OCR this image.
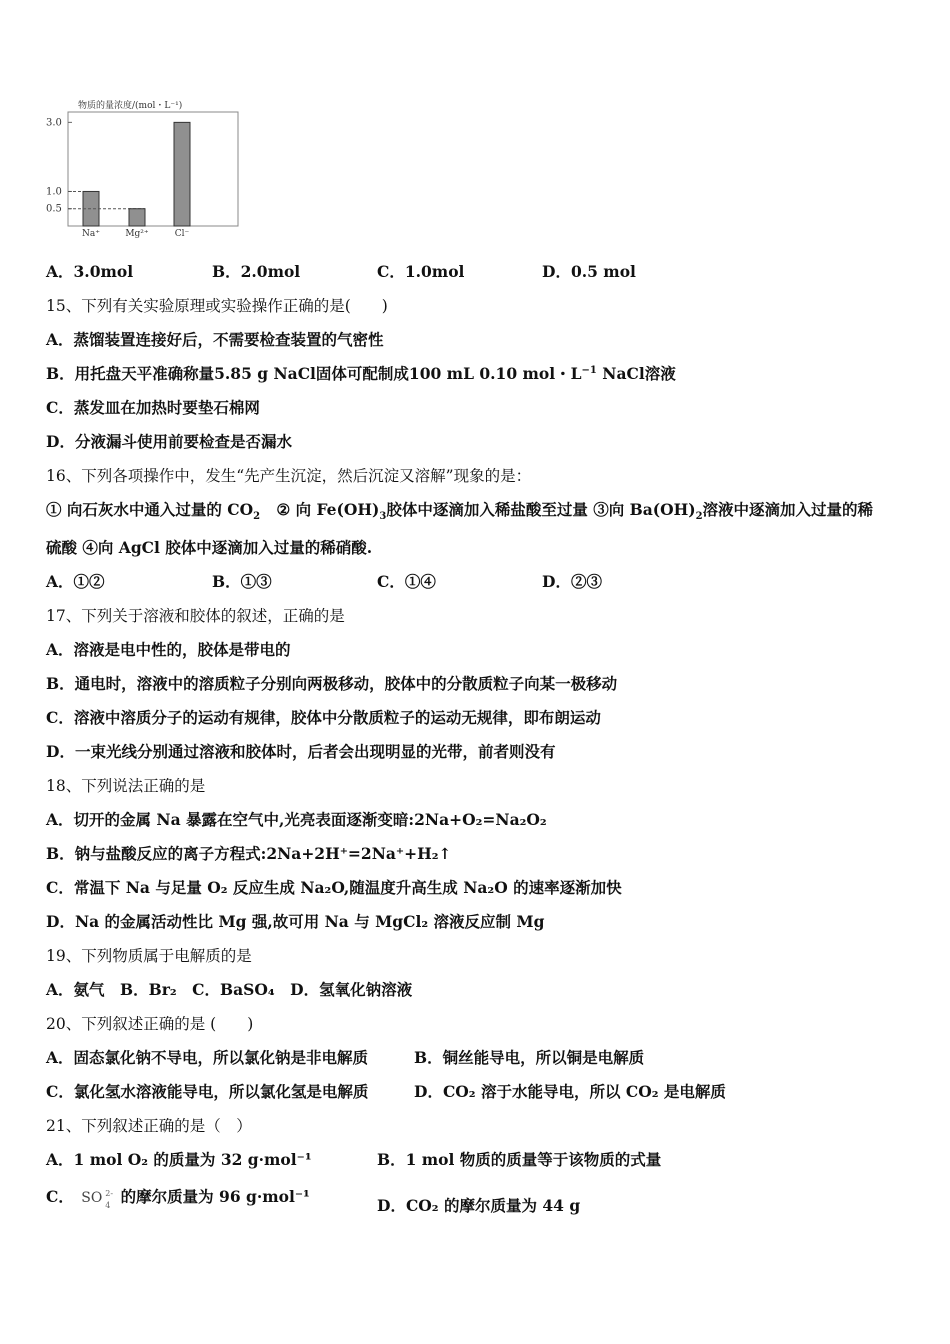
物质的量浓度/(mol・L⁻¹)
3.0
1.0
0.5
Na⁺	Mg²⁺	Cl⁻
A．3.0mol	B．2.0mol	C．1.0mol	D．0.5 mol
15、下列有关实验原理或实验操作正确的是(　　)
A．蒸馏装置连接好后，不需要检查装置的气密性
B．用托盘天平准确称量5.85 g NaCl固体可配制成100 mL 0.10 mol・$L^{-1}$ NaCl溶液
C．蒸发皿在加热时要垫石棉网
D．分液漏斗使用前要检查是否漏水
16、下列各项操作中，发生“先产生沉淀，然后沉淀又溶解”现象的是：
① 向石灰水中通入过量的 $CO_2$ ② 向 $Fe(OH)_3$胶体中逐滴加入稀盐酸至过量 ③向 $Ba(OH)_2$溶液中逐滴加入过量的稀
硫酸 ④向 AgCl 胶体中逐滴加入过量的稀硝酸.
A．①②	B．①③	C．①④	D．②③
17、下列关于溶液和胶体的叙述，正确的是
A．溶液是电中性的，胶体是带电的
B．通电时，溶液中的溶质粒子分别向两极移动，胶体中的分散质粒子向某一极移动
C．溶液中溶质分子的运动有规律，胶体中分散质粒子的运动无规律，即布朗运动
D．一束光线分别通过溶液和胶体时，后者会出现明显的光带，前者则没有
18、下列说法正确的是
A．切开的金属 Na 暴露在空气中,光亮表面逐渐变暗:2Na+O₂=Na₂O₂
B．钠与盐酸反应的离子方程式:2Na+2H⁺=2Na⁺+H₂↑
C．常温下 Na 与足量 O₂ 反应生成 Na₂O,随温度升高生成 Na₂O 的速率逐渐加快
D．Na 的金属活动性比 Mg 强,故可用 Na 与 MgCl₂ 溶液反应制 Mg
19、下列物质属于电解质的是
A．氨气　B．Br₂　C．BaSO₄　D．氢氧化钠溶液
20、下列叙述正确的是 (　　)
A．固态氯化钠不导电，所以氯化钠是非电解质	B．铜丝能导电，所以铜是电解质
C．氯化氢水溶液能导电，所以氯化氢是电解质	D．CO₂ 溶于水能导电，所以 CO₂ 是电解质
21、下列叙述正确的是（　）
A．1 mol O₂ 的质量为 32 g·mol⁻¹	B．1 mol 物质的质量等于该物质的式量
C． SO 2-
4 的摩尔质量为 96 g·mol⁻¹	D．CO₂ 的摩尔质量为 44 g
